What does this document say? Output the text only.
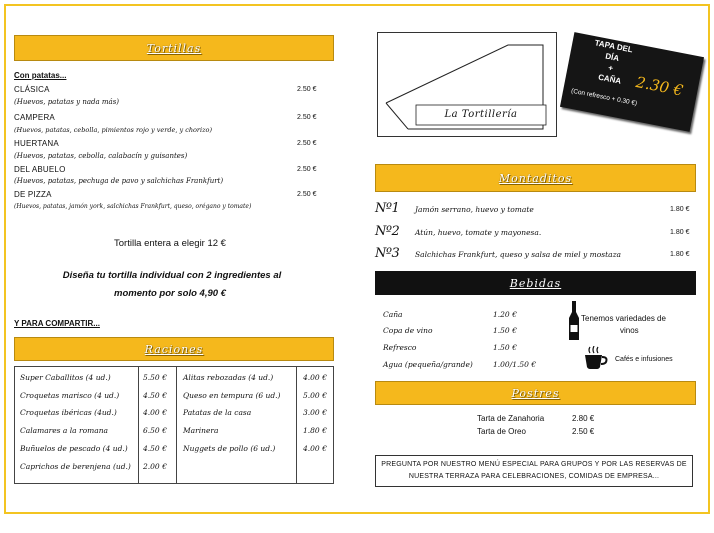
Tortillas
Con patatas...
CLÁSICA	2.50 €
(Huevos, patatas y nada más)
CAMPERA	2.50 €
(Huevos, patatas, cebolla, pimientos rojo y verde, y chorizo)
HUERTANA	2.50 €
(Huevos, patatas, cebolla, calabacín y guisantes)
DEL ABUELO	2.50 €
(Huevos, patatas, pechuga de pavo y salchichas Frankfurt)
DE PIZZA	2.50 €
(Huevos, patatas, jamón york, salchichas Frankfurt, queso, orégano y tomate)
Tortilla entera a elegir 12 €
Diseña tu tortilla individual con 2 ingredientes al
momento por solo 4,90 €
Y PARA COMPARTIR...
Raciones
Super Caballitos (4 ud.)	5.50 €
Croquetas marisco (4 ud.)	4.50 €
Croquetas ibéricas (4ud.)	4.00 €
Calamares a la romana	6.50 €
Buñuelos de pescado (4 ud.) 4.50 €
Caprichos de berenjena (ud.) 2.00 €
Alitas rebozadas (4 ud.)	4.00 €
Queso en tempura (6 ud.)	5.00 €
Patatas de la casa	3.00 €
Marinera	1.80 €
Nuggets de pollo (6 ud.)	4.00 €
La Tortillería
TAPA DEL
DÍA
+
CAÑA 2.30 €
(Con refresco + 0.30 €)
Montaditos
Nº1 Jamón serrano, huevo y tomate	1.80 €
Nº2 Atún, huevo, tomate y mayonesa.	1.80 €
Nº3 Salchichas Frankfurt, queso y salsa de miel y mostaza	1.80 €
Bebidas
Caña	1.20 €
Copa de vino	1.50 €
Refresco	1.50 €
Agua (pequeña/grande)	1.00/1.50 €
Tenemos variedades de
vinos
Cafés e infusiones
Postres
Tarta de Zanahoria	2.80 €
Tarta de Oreo	2.50 €
PREGUNTA POR NUESTRO MENÚ ESPECIAL PARA GRUPOS Y POR LAS RESERVAS DE
NUESTRA TERRAZA PARA CELEBRACIONES, COMIDAS DE EMPRESA...
